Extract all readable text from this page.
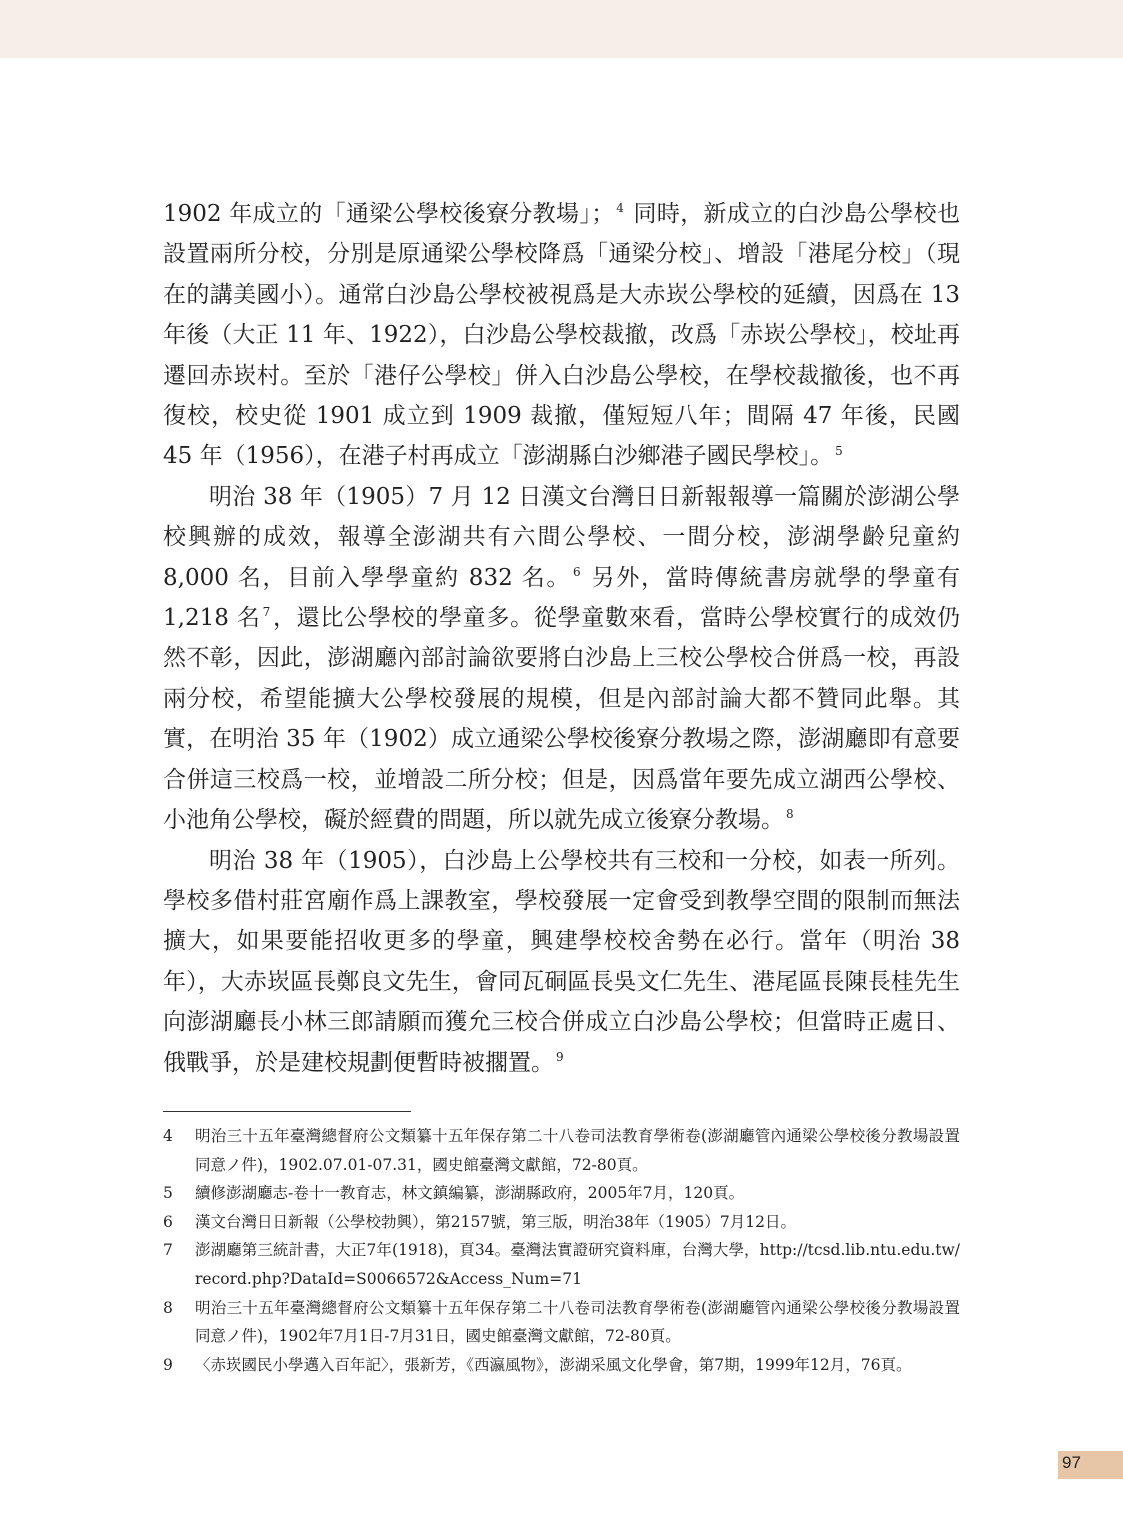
1902 年成立的「通梁公學校後寮分教場」； $^4$ 同時，新成立的白沙島公學校也設置兩所分校，分別是原通梁公學校降爲「通梁分校」、增設「港尾分校」（現在的講美國小）。通常白沙島公學校被視爲是大赤崁公學校的延續，因爲在 13 年後（大正 11 年、1922），白沙島公學校裁撤，改爲「赤崁公學校」，校址再遷回赤崁村。至於「港仔公學校」併入白沙島公學校，在學校裁撤後，也不再復校，校史從 1901 成立到 1909 裁撤，僅短短八年；間隔 47 年後，民國 45 年（1956），在港子村再成立「澎湖縣白沙鄉港子國民學校」。 $^5$

明治 38 年（1905）7 月 12 日漢文台灣日日新報報導一篇關於澎湖公學校興辦的成效，報導全澎湖共有六間公學校、一間分校，澎湖學齡兒童約 8,000 名，目前入學學童約 832 名。 $^6$ 另外，當時傳統書房就學的學童有 1,218 名 $^7$，還比公學校的學童多。從學童數來看，當時公學校實行的成效仍然不彰，因此，澎湖廳內部討論欲要將白沙島上三校公學校合併爲一校，再設兩分校，希望能擴大公學校發展的規模，但是內部討論大都不贊同此舉。其實，在明治 35 年（1902）成立通梁公學校後寮分教場之際，澎湖廳即有意要合併這三校爲一校，並增設二所分校；但是，因爲當年要先成立湖西公學校、小池角公學校，礙於經費的問題，所以就先成立後寮分教場。 $^8$

明治 38 年（1905），白沙島上公學校共有三校和一分校，如表一所列。學校多借村莊宮廟作爲上課教室，學校發展一定會受到教學空間的限制而無法擴大，如果要能招收更多的學童，興建學校校舍勢在必行。當年（明治 38 年），大赤崁區長鄭良文先生，會同瓦硐區長吳文仁先生、港尾區長陳長桂先生向澎湖廳長小林三郎請願而獲允三校合併成立白沙島公學校；但當時正處日、俄戰爭，於是建校規劃便暫時被擱置。 $^9$

4	明治三十五年臺灣總督府公文類纂十五年保存第二十八卷司法教育學術卷(澎湖廳管內通梁公學校後分教場設置同意ノ件)，1902.07.01-07.31，國史館臺灣文獻館，72-80頁。
5	續修澎湖廳志-卷十一教育志，林文鎮編纂，澎湖縣政府，2005年7月，120頁。
6	漢文台灣日日新報（公學校勃興），第2157號，第三版，明治38年（1905）7月12日。
7	澎湖廳第三統計書，大正7年(1918)，頁34。臺灣法實證研究資料庫，台灣大學，http://tcsd.lib.ntu.edu.tw/record.php?DataId=S0066572&Access_Num=71
8	明治三十五年臺灣總督府公文類纂十五年保存第二十八卷司法教育學術卷(澎湖廳管內通梁公學校後分教場設置同意ノ件)，1902年7月1日-7月31日，國史館臺灣文獻館，72-80頁。
9	〈赤崁國民小學邁入百年記〉，張新芳，《西瀛風物》，澎湖采風文化學會，第7期，1999年12月，76頁。
97
